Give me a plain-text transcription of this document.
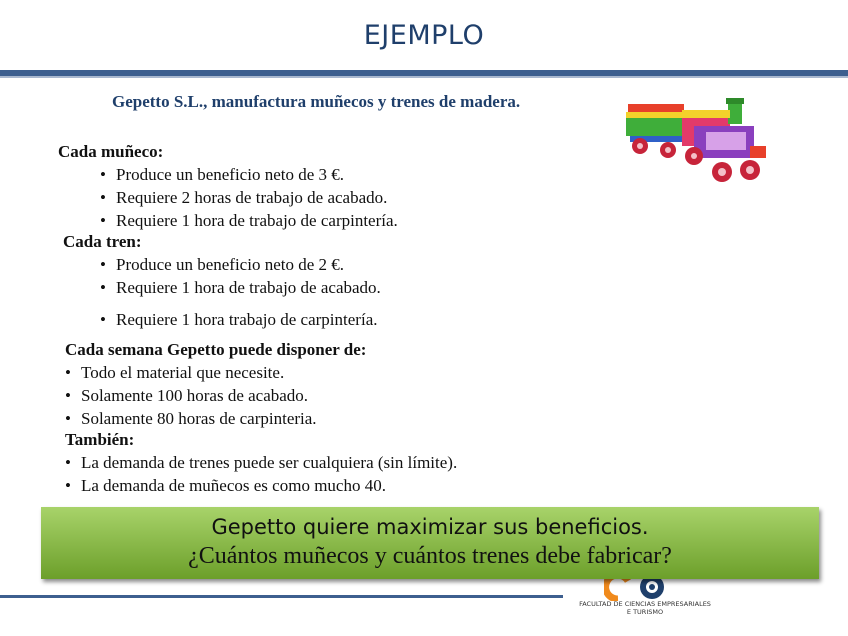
EJEMPLO
Gepetto S.L., manufactura muñecos y trenes de madera.
Cada muñeco:
• Produce un beneficio neto de 3 €.
• Requiere 2 horas de trabajo de acabado.
• Requiere 1 hora de trabajo de carpintería.
Cada tren:
• Produce un beneficio neto de 2 €.
• Requiere 1 hora de trabajo de acabado.
• Requiere 1 hora trabajo de carpintería.
Cada semana Gepetto puede disponer de:
• Todo el material que necesite.
• Solamente 100 horas de acabado.
• Solamente 80 horas de carpinteria.
También:
• La demanda de trenes puede ser cualquiera (sin límite).
• La demanda de muñecos es como mucho 40.
FACULTAD DE CIENCIAS EMPRESARIALES
E TURISMO
Gepetto quiere maximizar sus beneficios.
¿Cuántos muñecos y cuántos trenes debe fabricar?
